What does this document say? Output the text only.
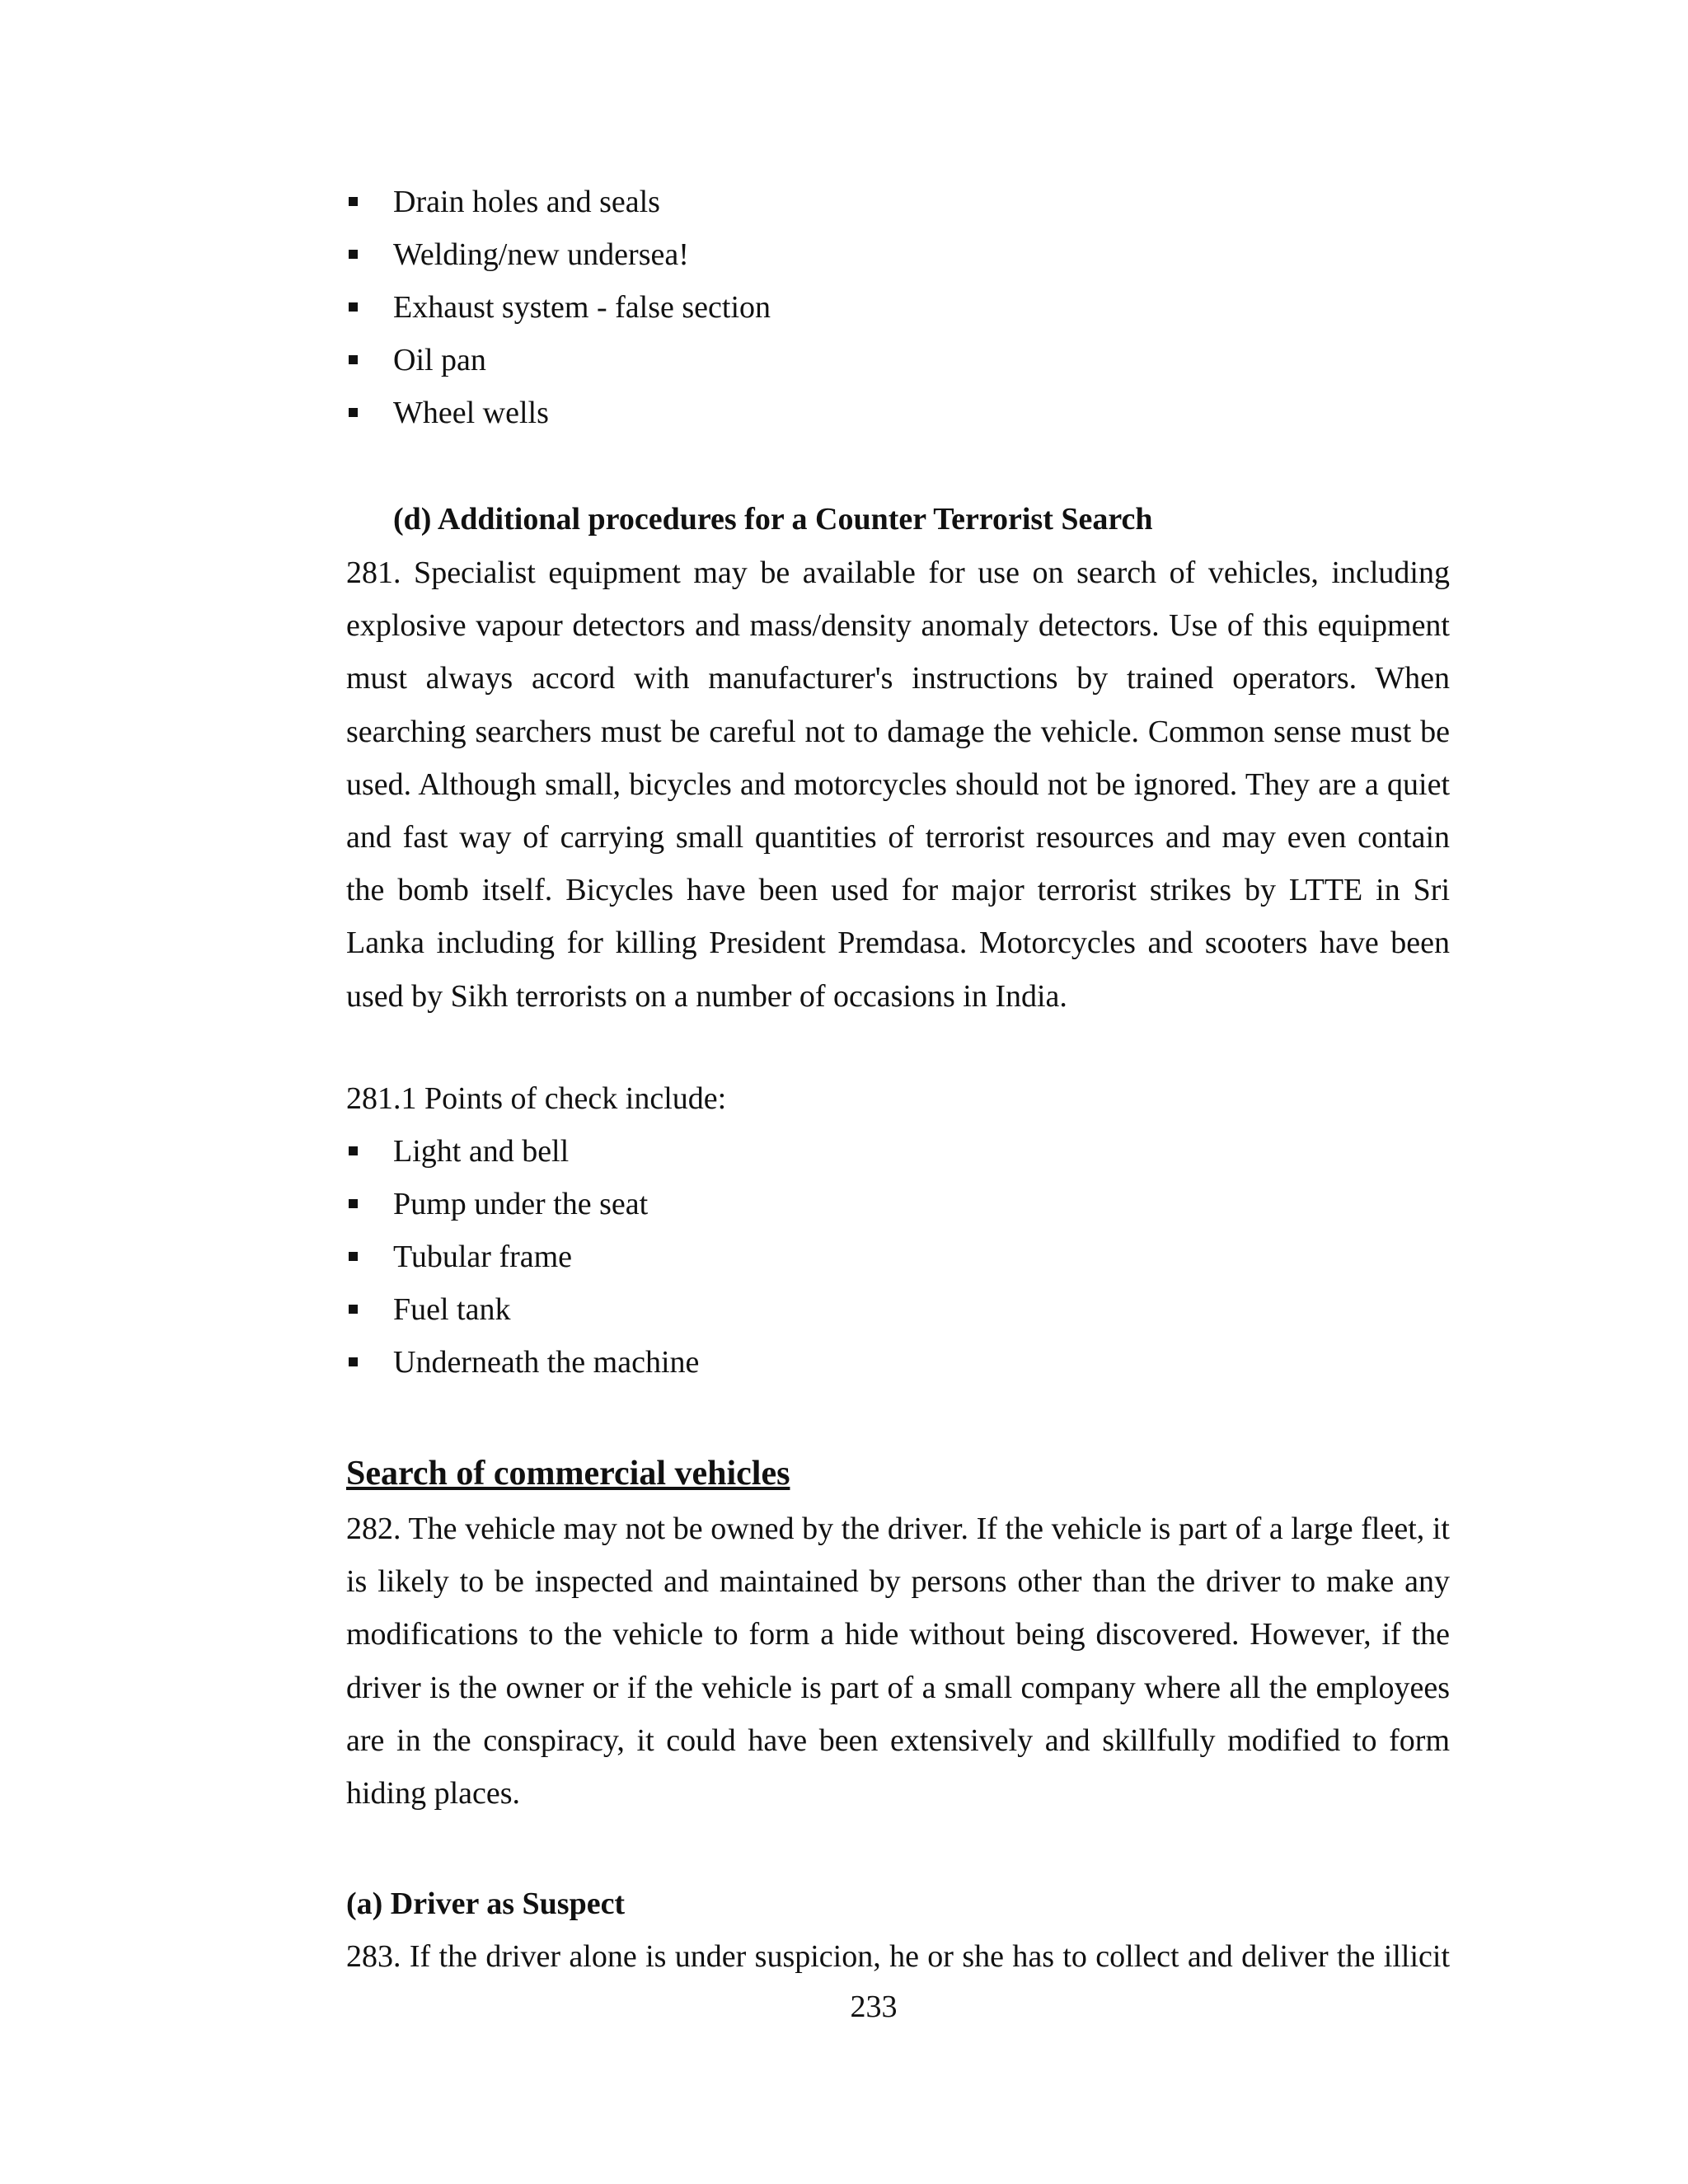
Drain holes and seals
Welding/new undersea!
Exhaust system - false section
Oil pan
Wheel wells
(d) Additional procedures for a Counter Terrorist Search

281. Specialist equipment may be available for use on search of vehicles, including explosive vapour detectors and mass/density anomaly detectors. Use of this equipment must always accord with manufacturer's instructions by trained operators. When searching searchers must be careful not to damage the vehicle. Common sense must be used. Although small, bicycles and motorcycles should not be ignored. They are a quiet and fast way of carrying small quantities of terrorist resources and may even contain the bomb itself. Bicycles have been used for major terrorist strikes by LTTE in Sri Lanka including for killing President Premdasa. Motorcycles and scooters have been used by Sikh terrorists on a number of occasions in India.

281.1 Points of check include:
Light and bell
Pump under the seat
Tubular frame
Fuel tank
Underneath the machine
Search of commercial vehicles

282. The vehicle may not be owned by the driver. If the vehicle is part of a large fleet, it is likely to be inspected and maintained by persons other than the driver to make any modifications to the vehicle to form a hide without being discovered. However, if the driver is the owner or if the vehicle is part of a small company where all the employees are in the conspiracy, it could have been extensively and skillfully modified to form hiding places.

(a) Driver as Suspect
283. If the driver alone is under suspicion, he or she has to collect and deliver the illicit
233
